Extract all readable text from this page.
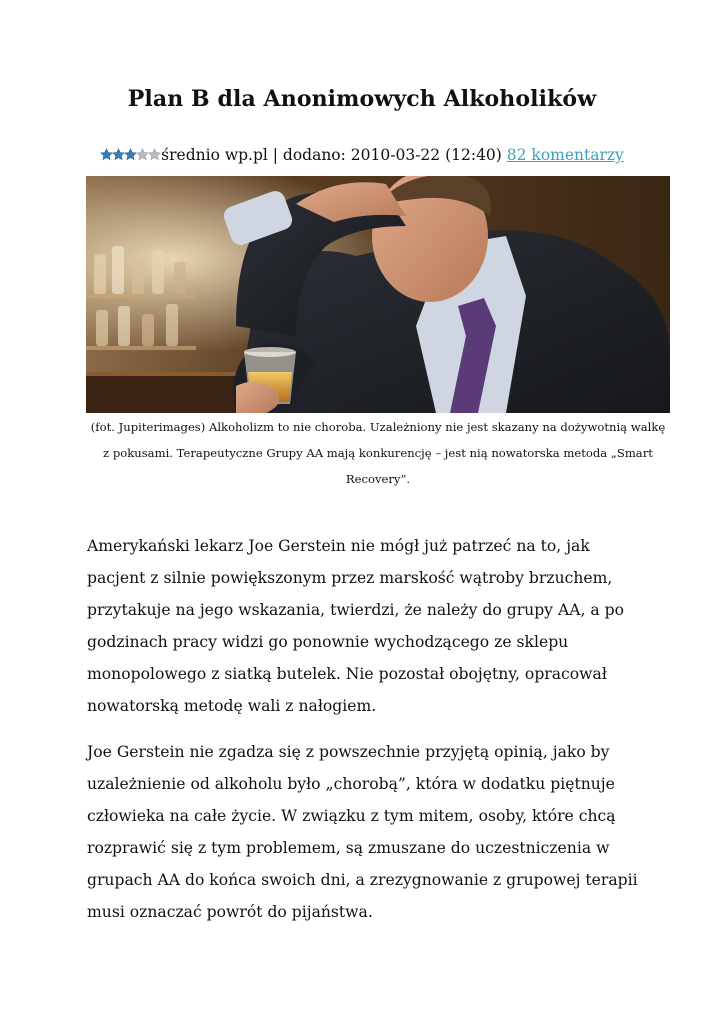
Plan B dla Anonimowych Alkoholików
średnio wp.pl | dodano: 2010-03-22 (12:40) 82 komentarzy
(fot. Jupiterimages) Alkoholizm to nie choroba. Uzależniony nie jest skazany na dożywotnią walkę z pokusami. Terapeutyczne Grupy AA mają konkurencję – jest nią nowatorska metoda „Smart Recovery”.

Amerykański lekarz Joe Gerstein nie mógł już patrzeć na to, jak pacjent z silnie powiększonym przez marskość wątroby brzuchem, przytakuje na jego wskazania, twierdzi, że należy do grupy AA, a po godzinach pracy widzi go ponownie wychodzącego ze sklepu monopolowego z siatką butelek. Nie pozostał obojętny, opracował nowatorską metodę wali z nałogiem.

Joe Gerstein nie zgadza się z powszechnie przyjętą opinią, jako by uzależnienie od alkoholu było „chorobą”, która w dodatku piętnuje człowieka na całe życie. W związku z tym mitem, osoby, które chcą rozprawić się z tym problemem, są zmuszane do uczestniczenia w grupach AA do końca swoich dni, a zrezygnowanie z grupowej terapii musi oznaczać powrót do pijaństwa.
